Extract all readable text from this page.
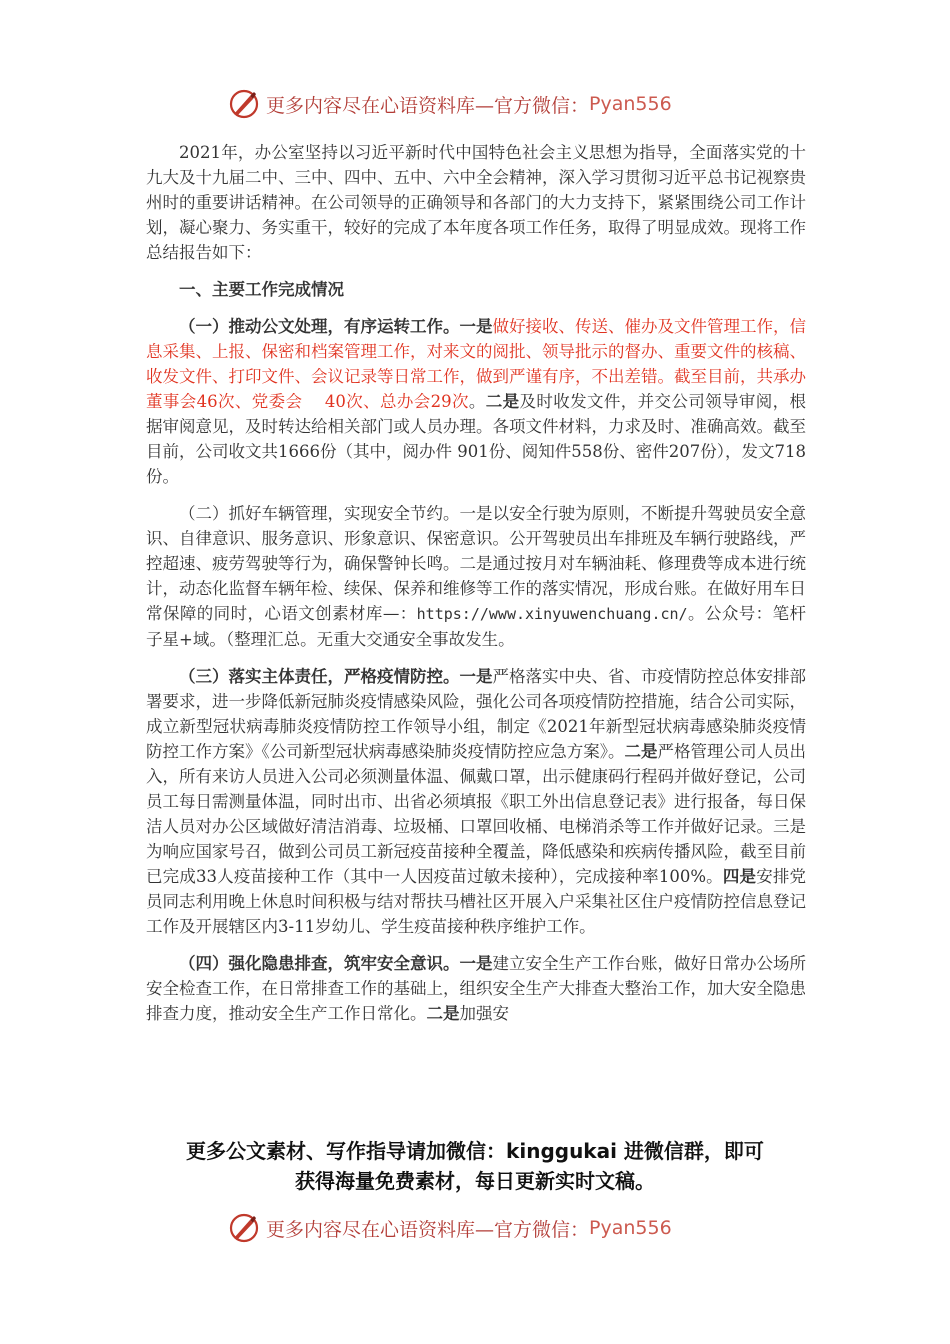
更多内容尽在心语资料库—官方微信： Pyan556

2021年，办公室坚持以习近平新时代中国特色社会主义思想为指导，全面落实党的十九大及十九届二中、三中、四中、五中、六中全会精神，深入学习贯彻习近平总书记视察贵州时的重要讲话精神。在公司领导的正确领导和各部门的大力支持下，紧紧围绕公司工作计划，凝心聚力、务实重干，较好的完成了本年度各项工作任务，取得了明显成效。现将工作总结报告如下：

一、主要工作完成情况

（一）推动公文处理，有序运转工作。一是做好接收、传送、催办及文件管理工作，信息采集、上报、保密和档案管理工作，对来文的阅批、领导批示的督办、重要文件的核稿、收发文件、打印文件、会议记录等日常工作，做到严谨有序，不出差错。截至目前，共承办董事会46次、党委会　 40次、总办会29次。二是及时收发文件，并交公司领导审阅，根据审阅意见，及时转达给相关部门或人员办理。各项文件材料，力求及时、准确高效。截至目前，公司收文共1666份（其中，阅办件 901份、阅知件558份、密件207份），发文718份。

（二）抓好车辆管理，实现安全节约。一是以安全行驶为原则，不断提升驾驶员安全意识、自律意识、服务意识、形象意识、保密意识。公开驾驶员出车排班及车辆行驶路线，严控超速、疲劳驾驶等行为，确保警钟长鸣。二是通过按月对车辆油耗、修理费等成本进行统计，动态化监督车辆年检、续保、保养和维修等工作的落实情况，形成台账。在做好用车日常保障的同时，心语文创素材库—：https://www.xinyuwenchuang.cn/。公众号：笔杆子星+域。（整理汇总。无重大交通安全事故发生。

（三）落实主体责任，严格疫情防控。一是严格落实中央、省、市疫情防控总体安排部署要求，进一步降低新冠肺炎疫情感染风险，强化公司各项疫情防控措施，结合公司实际，成立新型冠状病毒肺炎疫情防控工作领导小组，制定《2021年新型冠状病毒感染肺炎疫情防控工作方案》《公司新型冠状病毒感染肺炎疫情防控应急方案》。二是严格管理公司人员出入，所有来访人员进入公司必须测量体温、佩戴口罩，出示健康码行程码并做好登记，公司员工每日需测量体温，同时出市、出省必须填报《职工外出信息登记表》进行报备，每日保洁人员对办公区域做好清洁消毒、垃圾桶、口罩回收桶、电梯消杀等工作并做好记录。三是为响应国家号召，做到公司员工新冠疫苗接种全覆盖，降低感染和疾病传播风险，截至目前已完成33人疫苗接种工作（其中一人因疫苗过敏未接种），完成接种率100%。四是安排党员同志利用晚上休息时间积极与结对帮扶马槽社区开展入户采集社区住户疫情防控信息登记工作及开展辖区内3-11岁幼儿、学生疫苗接种秩序维护工作。

（四）强化隐患排查，筑牢安全意识。一是建立安全生产工作台账，做好日常办公场所安全检查工作，在日常排查工作的基础上，组织安全生产大排查大整治工作，加大安全隐患排查力度，推动安全生产工作日常化。二是加强安

更多公文素材、写作指导请加微信：kinggukai 进微信群，即可
获得海量免费素材，每日更新实时文稿。
更多内容尽在心语资料库—官方微信： Pyan556
